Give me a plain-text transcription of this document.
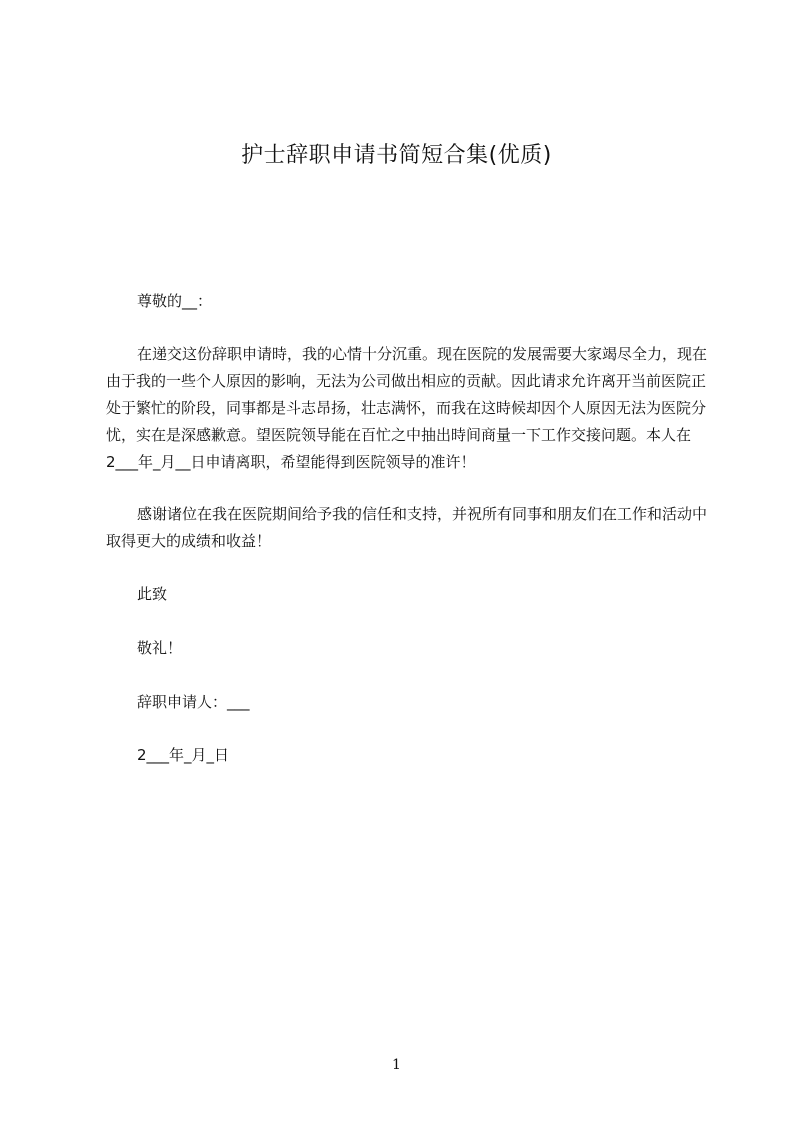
护士辞职申请书简短合集(优质)
尊敬的__：

在递交这份辞职申请時，我的心情十分沉重。现在医院的发展需要大家竭尽全力，现在由于我的一些个人原因的影响，无法为公司做出相应的贡献。因此请求允许离开当前医院正处于繁忙的阶段，同事都是斗志昂扬，壮志满怀，而我在这時候却因个人原因无法为医院分忧，实在是深感歉意。望医院领导能在百忙之中抽出時间商量一下工作交接问题。本人在 2___年_月__日申请离职，希望能得到医院领导的准许！

感谢诸位在我在医院期间给予我的信任和支持，并祝所有同事和朋友们在工作和活动中取得更大的成绩和收益！

此致
敬礼！
辞职申请人：___
2___年_月_日
1
